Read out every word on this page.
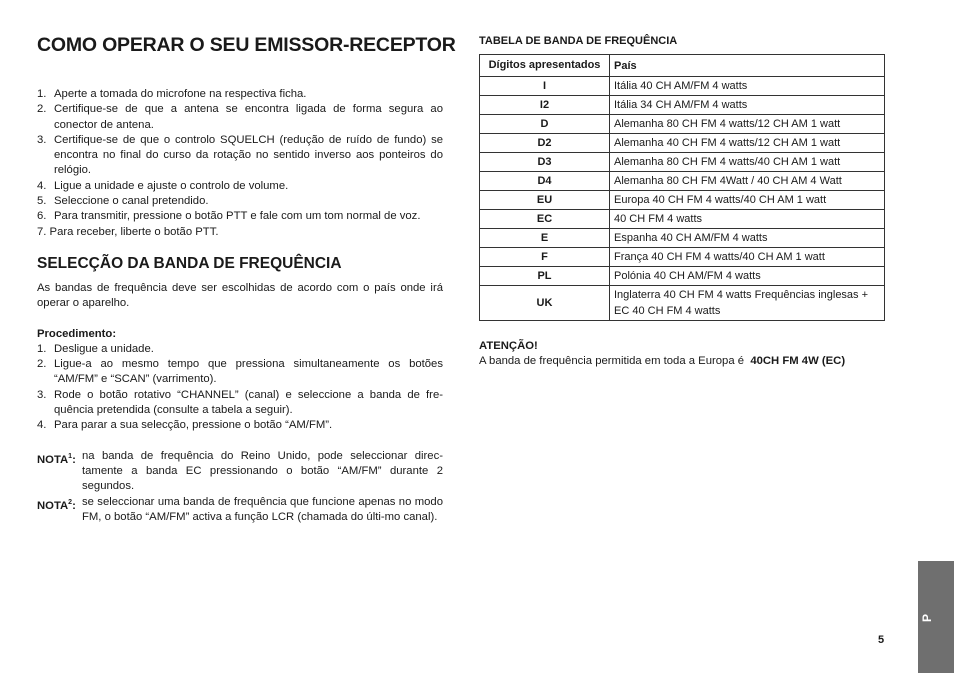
COMO OPERAR O SEU EMISSOR-RECEPTOR
1. Aperte a tomada do microfone na respectiva ficha.
2. Certifique-se de que a antena se encontra ligada de forma segura ao conector de antena.
3. Certifique-se de que o controlo SQUELCH (redução de ruído de fundo) se encontra no final do curso da rotação no sentido inverso aos ponteiros do relógio.
4. Ligue a unidade e ajuste o controlo de volume.
5. Seleccione o canal pretendido.
6. Para transmitir, pressione o botão PTT e fale com um tom normal de voz.
7. Para receber, liberte o botão PTT.
SELECÇÃO DA BANDA DE FREQUÊNCIA
As bandas de frequência deve ser escolhidas de acordo com o país onde irá operar o aparelho.
Procedimento:
1. Desligue a unidade.
2. Ligue-a ao mesmo tempo que pressiona simultaneamente os botões “AM/FM” e “SCAN” (varrimento).
3. Rode o botão rotativo “CHANNEL” (canal) e seleccione a banda de fre-quência pretendida (consulte a tabela a seguir).
4. Para parar a sua selecção, pressione o botão “AM/FM”.
NOTA$^1$: na banda de frequência do Reino Unido, pode seleccionar direc-tamente a banda EC pressionando o botão “AM/FM” durante 2 segundos.
NOTA$^2$: se seleccionar uma banda de frequência que funcione apenas no modo FM, o botão “AM/FM” activa a função LCR (chamada do últi-mo canal).
TABELA DE BANDA DE FREQUÊNCIA
Dígitos apresentados	País
I	Itália 40 CH AM/FM 4 watts
I2	Itália 34 CH AM/FM 4 watts
D	Alemanha 80 CH FM 4 watts/12 CH AM 1 watt
D2	Alemanha 40 CH FM 4 watts/12 CH AM 1 watt
D3	Alemanha 80 CH FM 4 watts/40 CH AM 1 watt
D4	Alemanha 80 CH FM 4Watt / 40 CH AM 4 Watt
EU	Europa 40 CH FM 4 watts/40 CH AM 1 watt
EC	40 CH FM 4 watts
E	Espanha 40 CH AM/FM 4 watts
F	França 40 CH FM 4 watts/40 CH AM 1 watt
PL	Polónia 40 CH AM/FM 4 watts
UK	Inglaterra 40 CH FM 4 watts Frequências inglesas + EC 40 CH FM 4 watts
ATENÇÃO!
A banda de frequência permitida em toda a Europa é 40CH FM 4W (EC)
P
5
